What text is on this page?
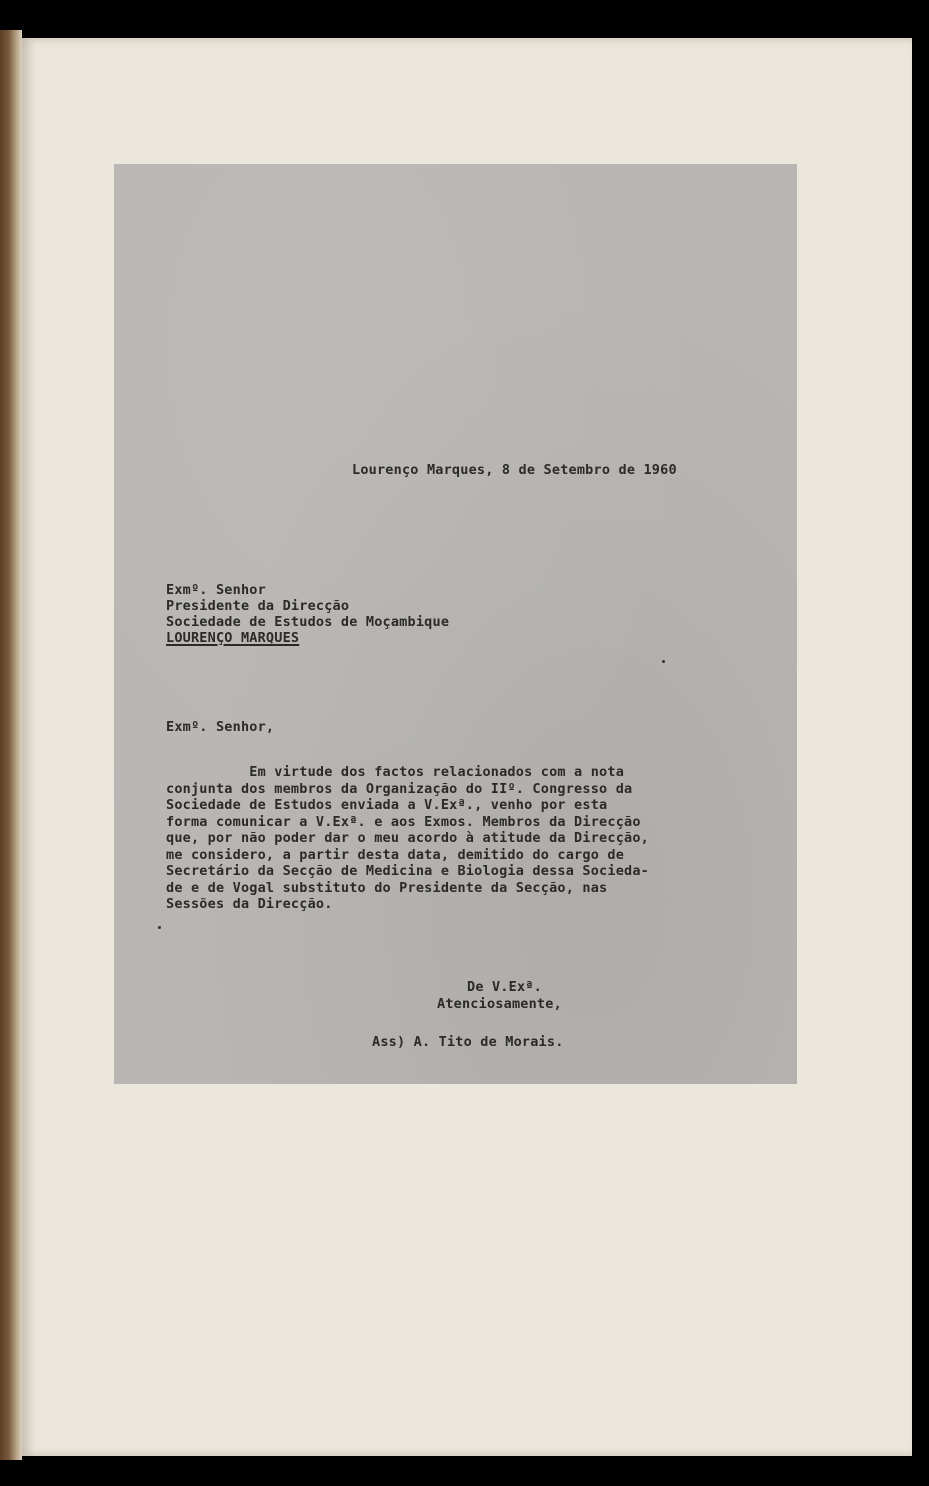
Lourenço Marques, 8 de Setembro de 1960

Exmº. Senhor
Presidente da Direcção
Sociedade de Estudos de Moçambique
LOURENÇO MARQUES

Exmº. Senhor,

Em virtude dos factos relacionados com a nota
conjunta dos membros da Organização do IIº. Congresso da
Sociedade de Estudos enviada a V.Exª., venho por esta
forma comunicar a V.Exª. e aos Exmos. Membros da Direcção
que, por não poder dar o meu acordo à atitude da Direcção,
me considero, a partir desta data, demitido do cargo de
Secretário da Secção de Medicina e Biologia dessa Socieda-
de e de Vogal substituto do Presidente da Secção, nas
Sessões da Direcção.

De V.Exª.

Atenciosamente,

Ass) A. Tito de Morais.
